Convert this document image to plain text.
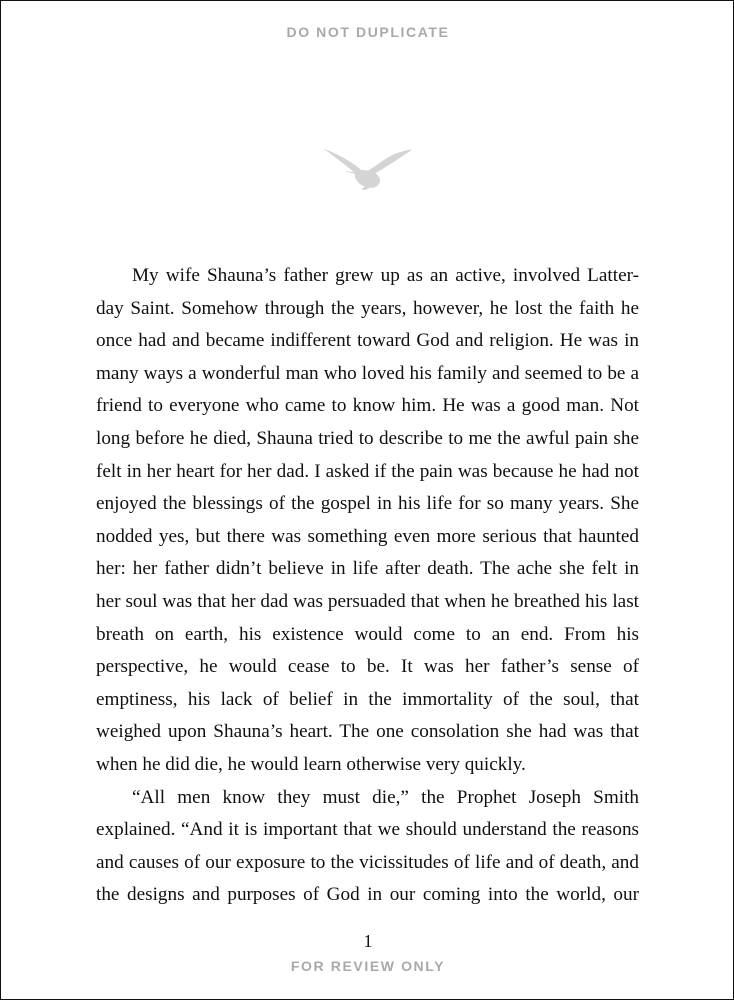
DO NOT DUPLICATE

My wife Shauna’s father grew up as an active, involved Latter-day Saint. Somehow through the years, however, he lost the faith he once had and became indifferent toward God and religion. He was in many ways a wonderful man who loved his family and seemed to be a friend to everyone who came to know him. He was a good man. Not long before he died, Shauna tried to describe to me the awful pain she felt in her heart for her dad. I asked if the pain was because he had not enjoyed the blessings of the gospel in his life for so many years. She nodded yes, but there was something even more serious that haunted her: her father didn’t believe in life after death. The ache she felt in her soul was that her dad was persuaded that when he breathed his last breath on earth, his existence would come to an end. From his perspective, he would cease to be. It was her father’s sense of emptiness, his lack of belief in the immortality of the soul, that weighed upon Shauna’s heart. The one consolation she had was that when he did die, he would learn otherwise very quickly.

“All men know they must die,” the Prophet Joseph Smith explained. “And it is important that we should understand the reasons and causes of our exposure to the vicissitudes of life and of death, and the designs and purposes of God in our coming into the world, our

1
FOR REVIEW ONLY
